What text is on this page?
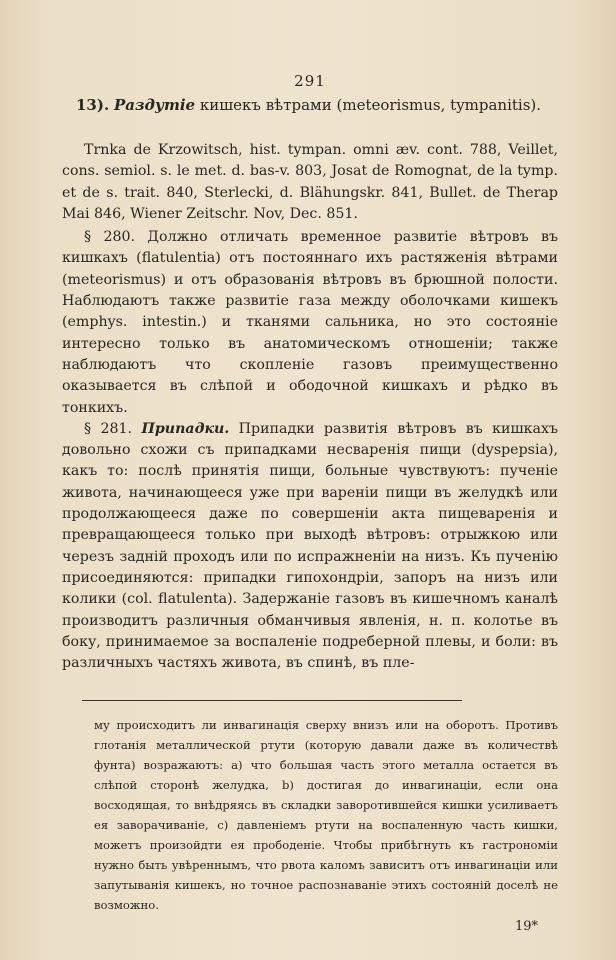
291
13). Раздутіе кишекъ вѣтрами (meteorismus, tympanitis).

Trnka de Krzowitsch, hist. tympan. omni æv. cont. 788, Veillet, cons. semiol. s. le met. d. bas-v. 803, Josat de Romognat, de la tymp. et de s. trait. 840, Sterlecki, d. Blähungskr. 841, Bullet. de Therap Mai 846, Wiener Zeitschr. Nov, Dec. 851.

§ 280. Должно отличать временное развитіе вѣтровъ въ кишкахъ (flatulentia) отъ постояннаго ихъ растяженія вѣтрами (meteorismus) и отъ образованія вѣтровъ въ брюшной полости. Наблюдаютъ также развитіе газа между оболочками кишекъ (emphys. intestin.) и тканями сальника, но это состояніе интересно только въ анатомическомъ отношеніи; также наблюдаютъ что скопленіе газовъ преимущественно оказывается въ слѣпой и ободочной кишкахъ и рѣдко въ тонкихъ.

§ 281. Припадки. Припадки развитія вѣтровъ въ кишкахъ довольно схожи съ припадками несваренія пищи (dyspepsia), какъ то: послѣ принятія пищи, больные чувствуютъ: пученіе живота, начинающееся уже при вареніи пищи въ желудкѣ или продолжающееся даже по совершеніи акта пищеваренія и превращающееся только при выходѣ вѣтровъ: отрыжкою или черезъ задній проходъ или по испражненіи на низъ. Къ пученію присоединяются: припадки гипохондріи, запоръ на низъ или колики (col. flatulenta). Задержаніе газовъ въ кишечномъ каналѣ производитъ различныя обманчивыя явленія, н. п. колотье въ боку, принимаемое за воспаленіе подреберной плевы, и боли: въ различныхъ частяхъ живота, въ спинѣ, въ пле-

му происходитъ ли инвагинація сверху внизъ или на оборотъ. Противъ глотанія металлической ртути (которую давали даже въ количествѣ фунта) возражаютъ: а) что большая часть этого металла остается въ слѣпой сторонѣ желудка, b) достигая до инвагинаціи, если она восходящая, то внѣдряясь въ складки заворотившейся кишки усиливаетъ ея заворачиваніе, c) давленіемъ ртути на воспаленную часть кишки, можетъ произойдти ея прободеніе. Чтобы прибѣгнуть къ гастрономіи нужно быть увѣреннымъ, что рвота каломъ зависитъ отъ инвагинаціи или запутыванія кишекъ, но точное распознаваніе этихъ состояній доселѣ не возможно.

19*
